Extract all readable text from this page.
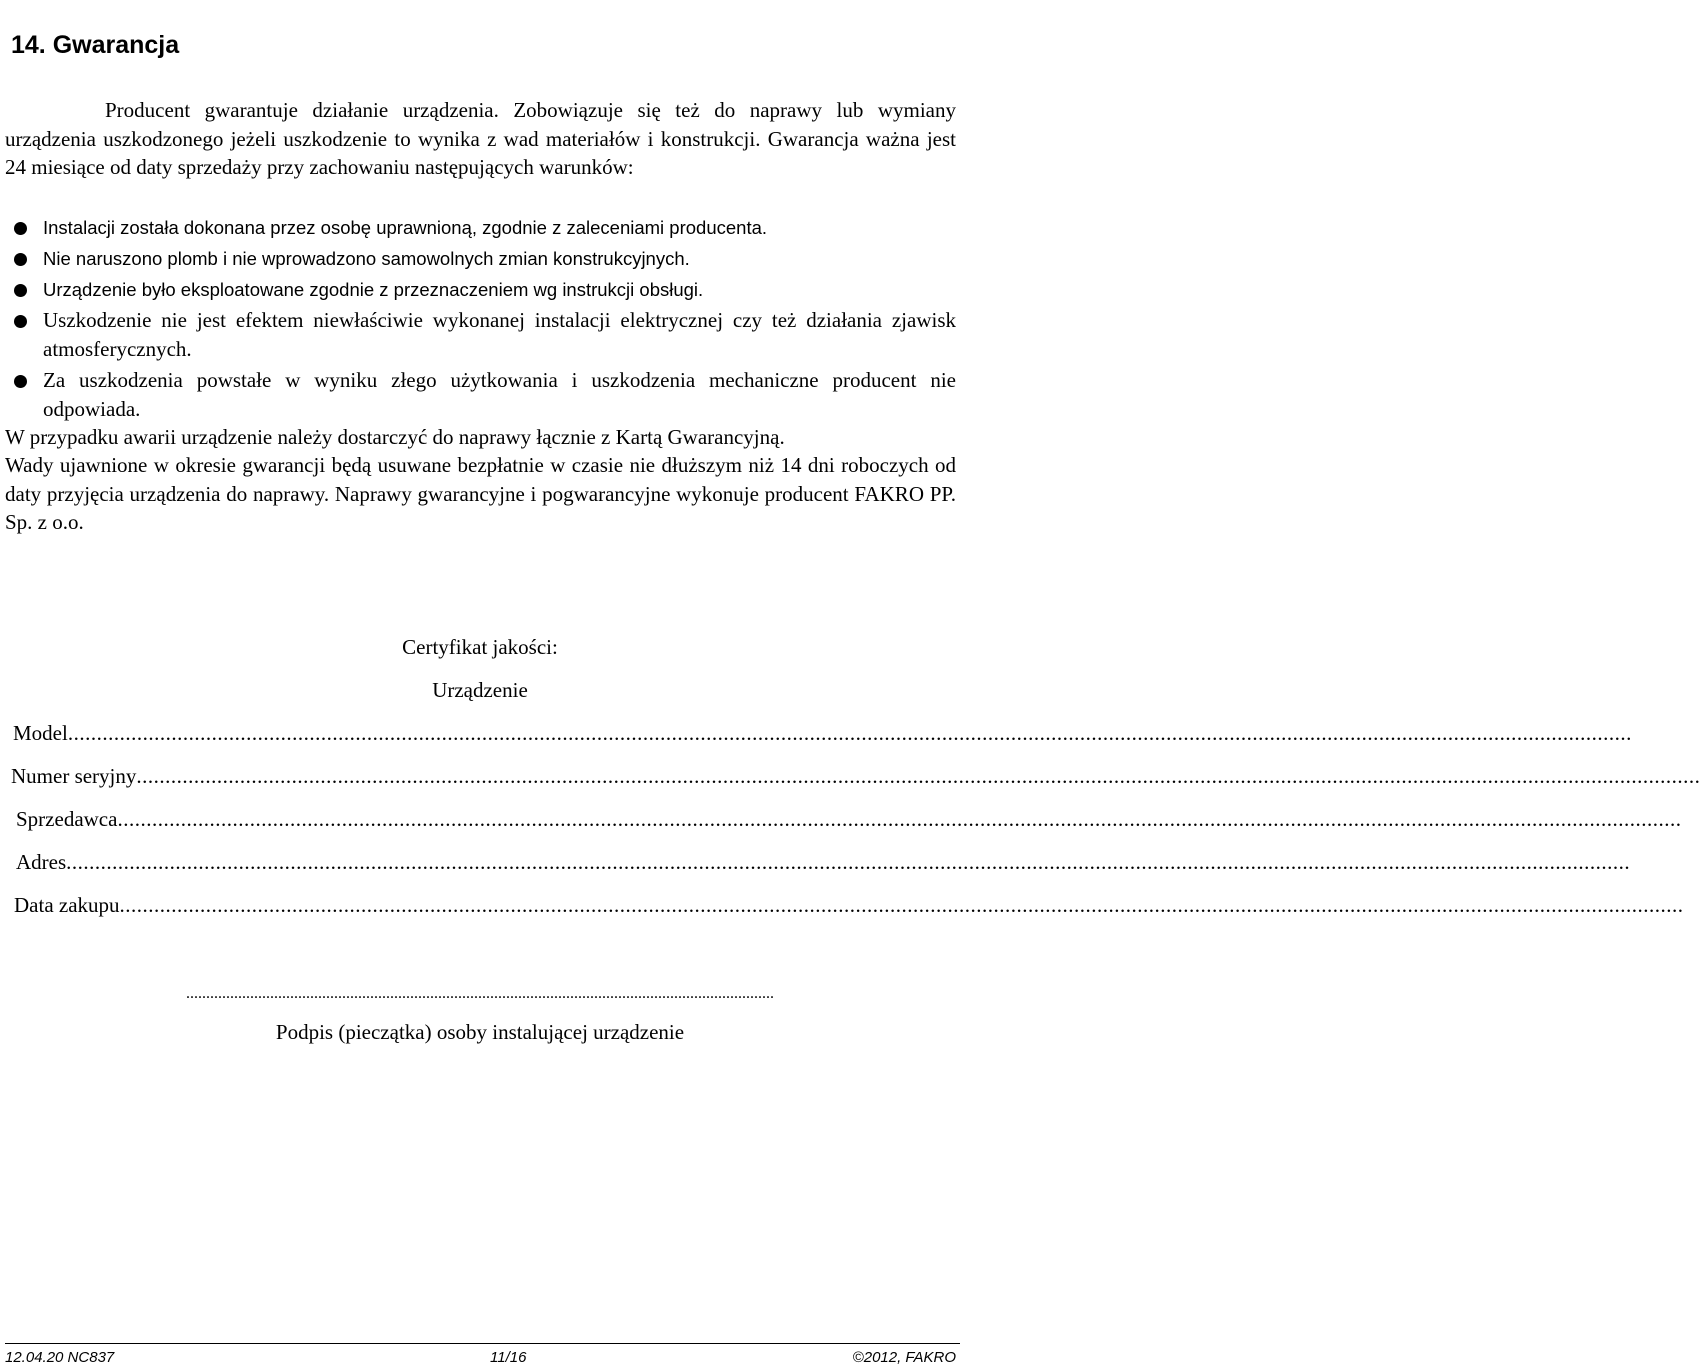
14. Gwarancja

Producent gwarantuje działanie urządzenia. Zobowiązuje się też do naprawy lub wymiany urządzenia uszkodzonego jeżeli uszkodzenie to wynika z wad materiałów i konstrukcji. Gwarancja ważna jest 24 miesiące od daty sprzedaży przy zachowaniu następujących warunków:

Instalacji została dokonana przez osobę uprawnioną, zgodnie z zaleceniami producenta.
Nie naruszono plomb i nie wprowadzono samowolnych zmian konstrukcyjnych.
Urządzenie było eksploatowane zgodnie z przeznaczeniem wg instrukcji obsługi.
Uszkodzenie nie jest efektem niewłaściwie wykonanej instalacji elektrycznej czy też działania zjawisk atmosferycznych.
Za uszkodzenia powstałe w wyniku złego użytkowania i uszkodzenia mechaniczne producent nie odpowiada.

W przypadku awarii urządzenie należy dostarczyć do naprawy łącznie z Kartą Gwarancyjną.

Wady ujawnione w okresie gwarancji będą usuwane bezpłatnie w czasie nie dłuższym niż 14 dni roboczych od daty przyjęcia urządzenia do naprawy. Naprawy gwarancyjne i pogwarancyjne wykonuje producent FAKRO PP. Sp. z o.o.

Certyfikat jakości:

Urządzenie

Model................................................................................................................................................................................................................................................................................
Numer seryjny................................................................................................................................................................................................................................................................................
Sprzedawca................................................................................................................................................................................................................................................................................
Adres................................................................................................................................................................................................................................................................................
Data zakupu................................................................................................................................................................................................................................................................................
...................................................................................................................................................

Podpis (pieczątka) osoby instalującej urządzenie

12.04.20 NC837	11/16	©2012, FAKRO
